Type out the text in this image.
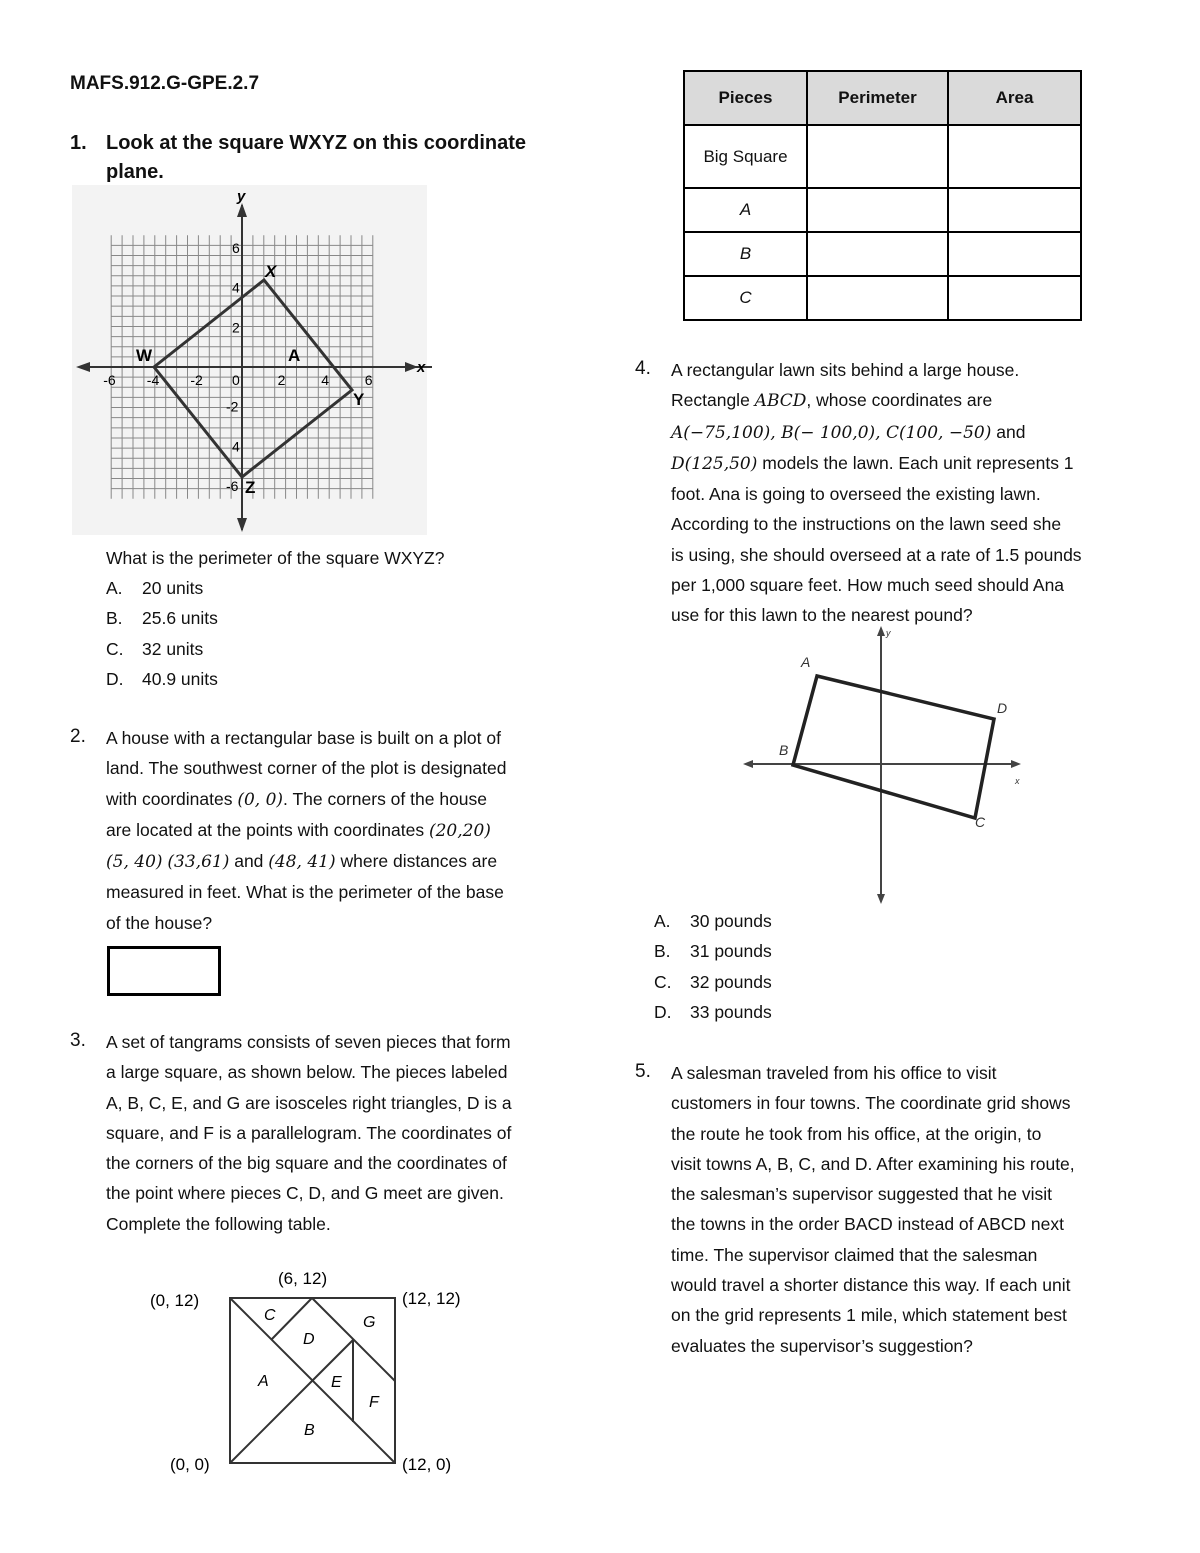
MAFS.912.G-GPE.2.7
1. Look at the square WXYZ on this coordinate
plane.
y
-6 -4 -2 0	2	4	6
6
4
2
-2
4
-6
W
X
Y
Z
A
x
What is the perimeter of the square WXYZ?
A. 20 units
B. 25.6 units
C. 32 units
D. 40.9 units
2. A house with a rectangular base is built on a plot of
land. The southwest corner of the plot is designated
with coordinates (0, 0). The corners of the house
are located at the points with coordinates (20,20)
(5, 40) (33,61) and (48, 41) where distances are
measured in feet. What is the perimeter of the base
of the house?
3. A set of tangrams consists of seven pieces that form
a large square, as shown below. The pieces labeled
A, B, C, E, and G are isosceles right triangles, D is a
square, and F is a parallelogram. The coordinates of
the corners of the big square and the coordinates of
the point where pieces C, D, and G meet are given.
Complete the following table.
(0, 12)
(6, 12)
(12, 12)
(0, 0)	(12, 0)
C
D
G
A	E
F
B
Pieces	Perimeter	Area
Big Square		
A		
B		
C		
4. A rectangular lawn sits behind a large house.
Rectangle ABCD, whose coordinates are
A(−75,100), B(− 100,0), C(100, −50) and
D(125,50) models the lawn. Each unit represents 1
foot. Ana is going to overseed the existing lawn.
According to the instructions on the lawn seed she
is using, she should overseed at a rate of 1.5 pounds
per 1,000 square feet. How much seed should Ana
use for this lawn to the nearest pound?
A
B
C
D
x
y
A. 30 pounds
B. 31 pounds
C. 32 pounds
D. 33 pounds
5. A salesman traveled from his office to visit
customers in four towns. The coordinate grid shows
the route he took from his office, at the origin, to
visit towns A, B, C, and D. After examining his route,
the salesman’s supervisor suggested that he visit
the towns in the order BACD instead of ABCD next
time. The supervisor claimed that the salesman
would travel a shorter distance this way. If each unit
on the grid represents 1 mile, which statement best
evaluates the supervisor’s suggestion?
